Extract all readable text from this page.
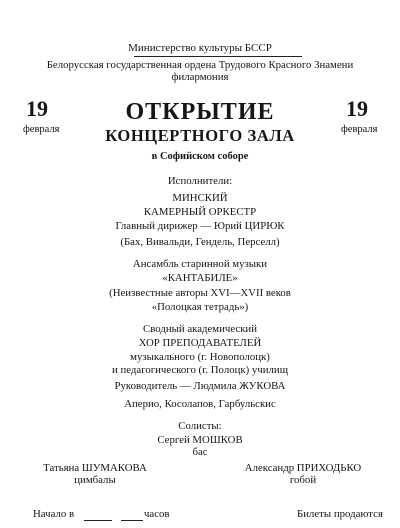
Министерство культуры БССР
Белорусская государственная ордена Трудового Красного Знамени
филармония
19
февраля
19
февраля
ОТКРЫТИЕ
КОНЦЕРТНОГО ЗАЛА
в Софийском соборе
Исполнители:
МИНСКИЙ
КАМЕРНЫЙ ОРКЕСТР
Главный дирижер — Юрий ЦИРЮК
(Бах, Вивальди, Гендель, Перселл)
Ансамбль старинной музыки
«КАНТАБИЛЕ»
(Неизвестные авторы XVI—XVII веков
«Полоцкая тетрадь»)
Сводный академический
ХОР ПРЕПОДАВАТЕЛЕЙ
музыкального (г. Новополоцк)
и педагогического (г. Полоцк) училищ
Руководитель — Людмила ЖУКОВА
Аперио, Косолапов, Гарбульскис
Солисты:
Сергей МОШКОВ
бас
Татьяна ШУМАКОВА
цимбалы
Александр ПРИХОДЬКО
гобой
Начало в	часов	Билеты продаются
